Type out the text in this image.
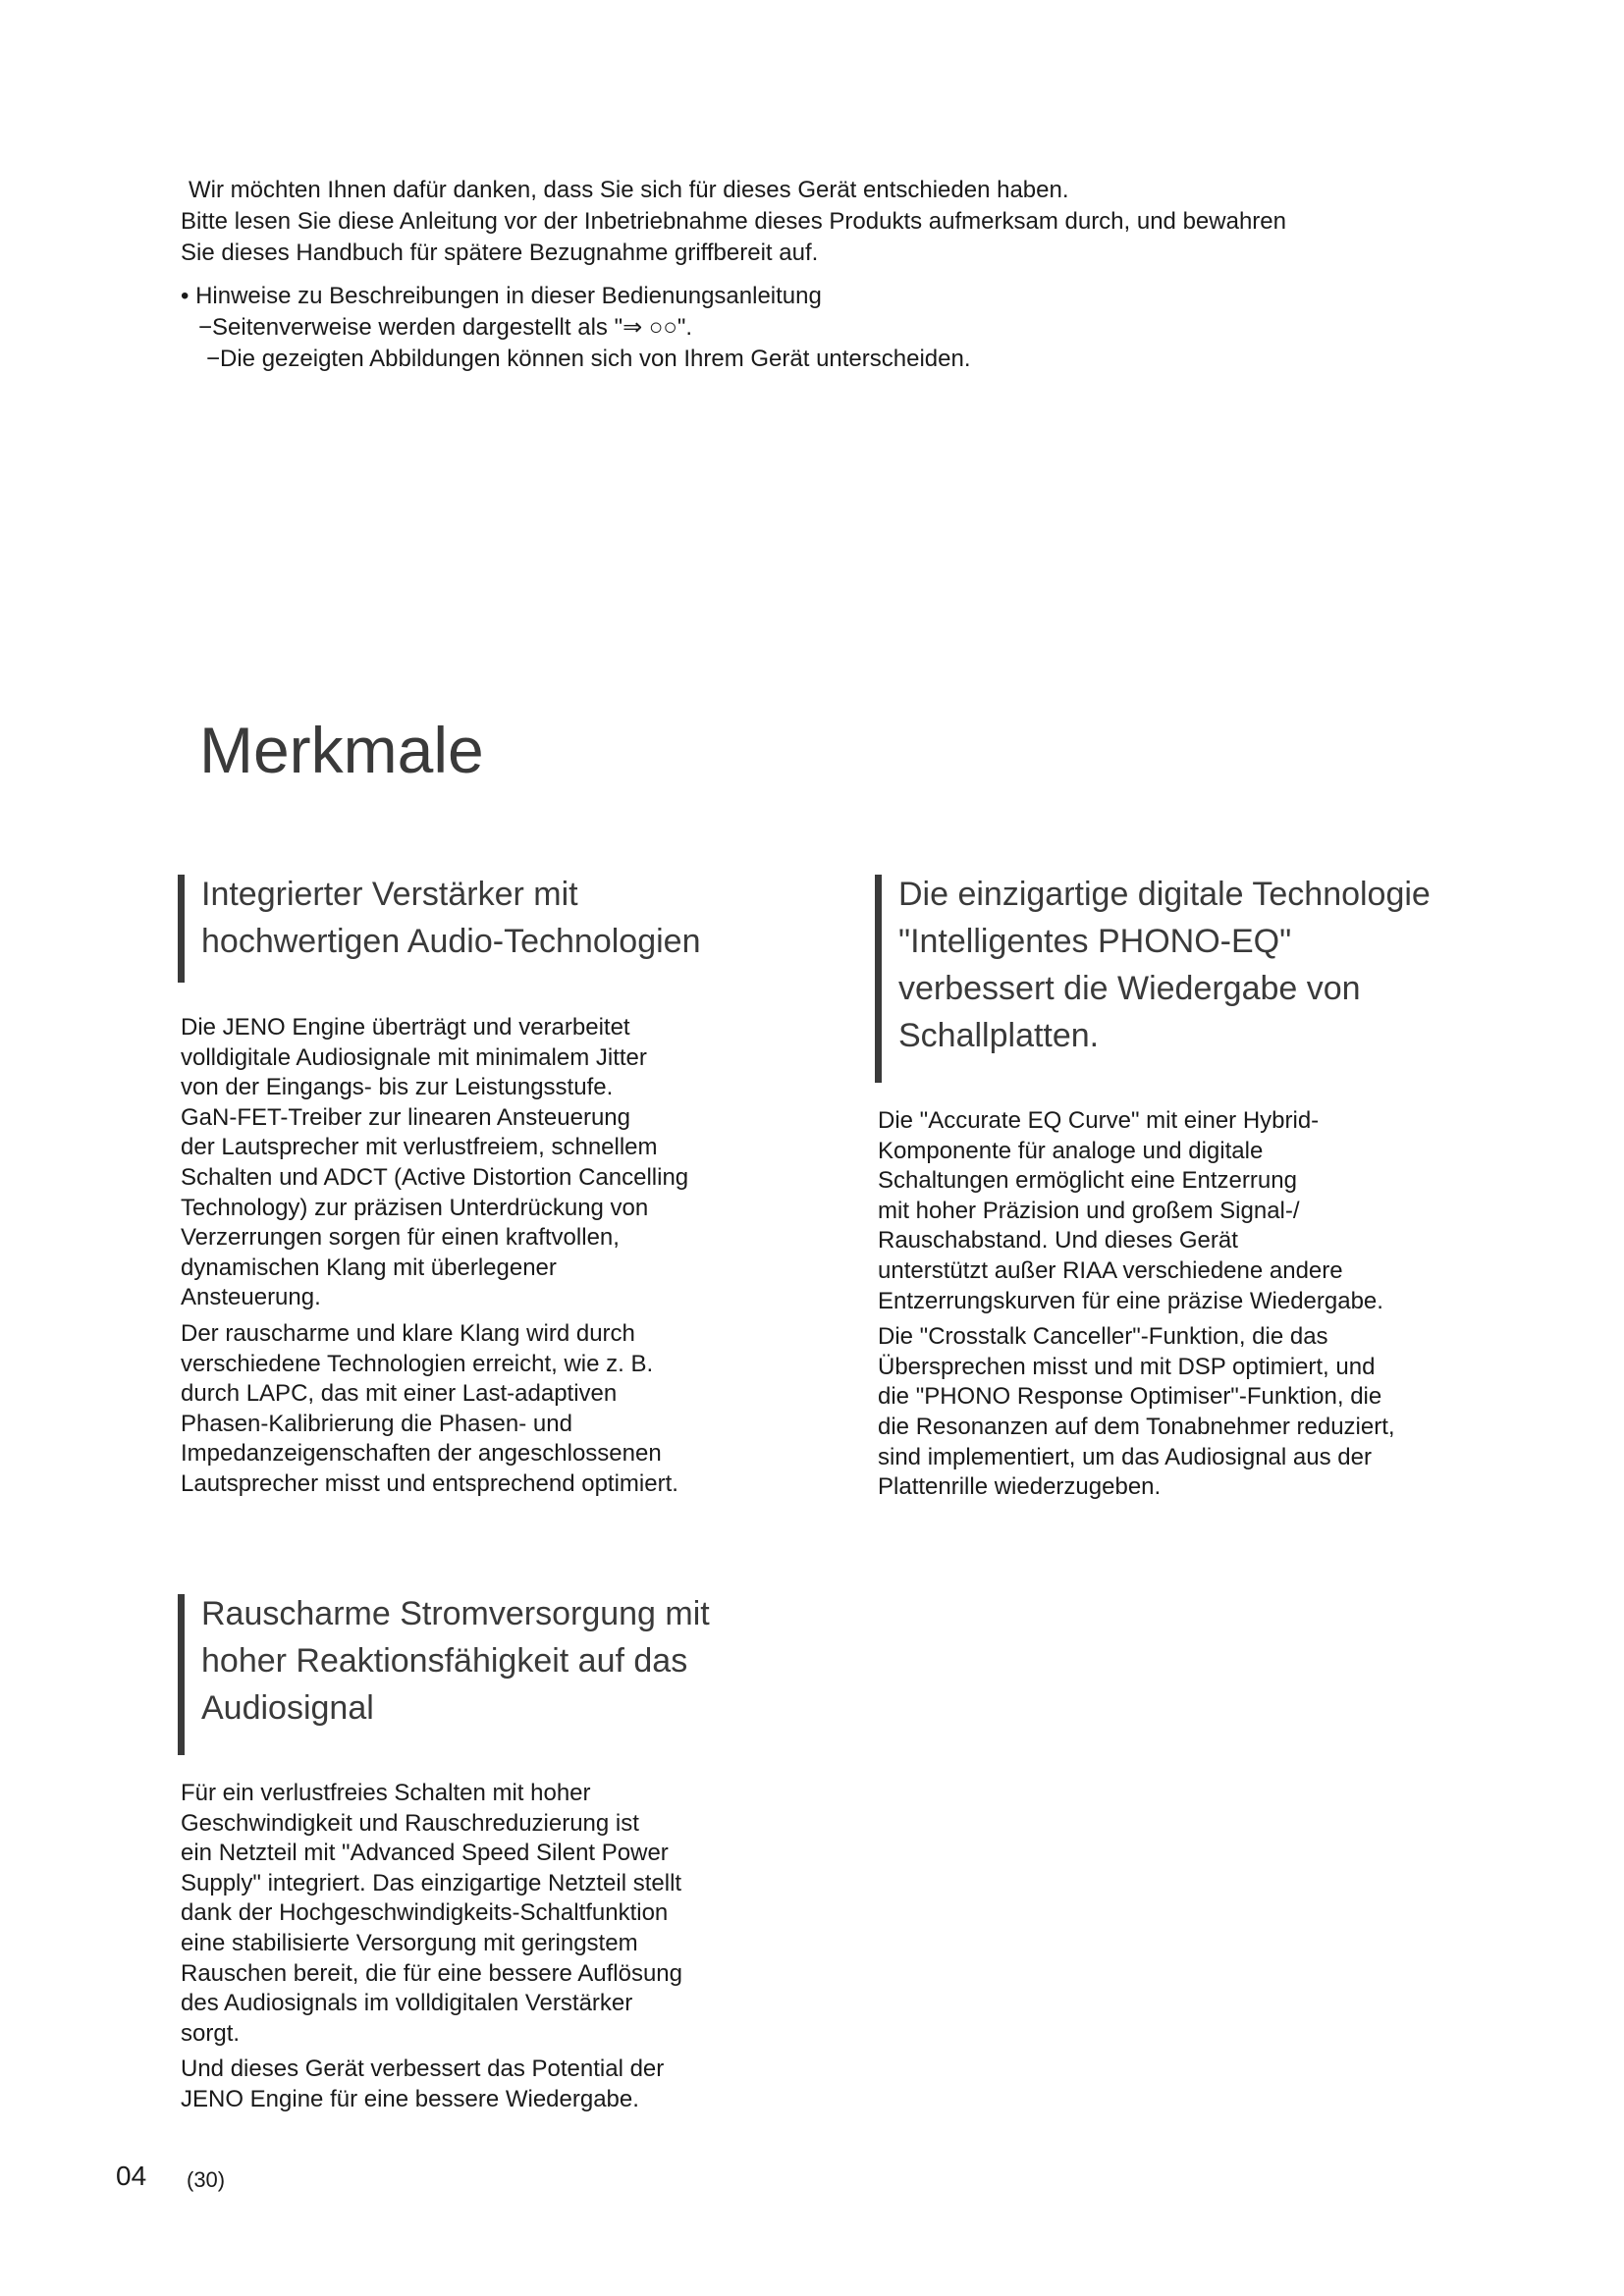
Wir möchten Ihnen dafür danken, dass Sie sich für dieses Gerät entschieden haben.

Bitte lesen Sie diese Anleitung vor der Inbetriebnahme dieses Produkts aufmerksam durch, und bewahren

Sie dieses Handbuch für spätere Bezugnahme griffbereit auf.

• Hinweise zu Beschreibungen in dieser Bedienungsanleitung

−Seitenverweise werden dargestellt als "⇒ ○○".

−Die gezeigten Abbildungen können sich von Ihrem Gerät unterscheiden.

Merkmale
Integrierter Verstärker mit
hochwertigen Audio-Technologien

Die JENO Engine überträgt und verarbeitet

volldigitale Audiosignale mit minimalem Jitter

von der Eingangs- bis zur Leistungsstufe.

GaN-FET-Treiber zur linearen Ansteuerung

der Lautsprecher mit verlustfreiem, schnellem

Schalten und ADCT (Active Distortion Cancelling

Technology) zur präzisen Unterdrückung von

Verzerrungen sorgen für einen kraftvollen,

dynamischen Klang mit überlegener

Ansteuerung.

Der rauscharme und klare Klang wird durch

verschiedene Technologien erreicht, wie z. B.

durch LAPC, das mit einer Last-adaptiven

Phasen-Kalibrierung die Phasen- und

Impedanzeigenschaften der angeschlossenen

Lautsprecher misst und entsprechend optimiert.

Die einzigartige digitale Technologie
"Intelligentes PHONO-EQ"
verbessert die Wiedergabe von
Schallplatten.

Die "Accurate EQ Curve" mit einer Hybrid-

Komponente für analoge und digitale

Schaltungen ermöglicht eine Entzerrung

mit hoher Präzision und großem Signal-/

Rauschabstand. Und dieses Gerät

unterstützt außer RIAA verschiedene andere

Entzerrungskurven für eine präzise Wiedergabe.

Die "Crosstalk Canceller"-Funktion, die das

Übersprechen misst und mit DSP optimiert, und

die "PHONO Response Optimiser"-Funktion, die

die Resonanzen auf dem Tonabnehmer reduziert,

sind implementiert, um das Audiosignal aus der

Plattenrille wiederzugeben.

Rauscharme Stromversorgung mit
hoher Reaktionsfähigkeit auf das
Audiosignal

Für ein verlustfreies Schalten mit hoher

Geschwindigkeit und Rauschreduzierung ist

ein Netzteil mit "Advanced Speed Silent Power

Supply" integriert. Das einzigartige Netzteil stellt

dank der Hochgeschwindigkeits-Schaltfunktion

eine stabilisierte Versorgung mit geringstem

Rauschen bereit, die für eine bessere Auflösung

des Audiosignals im volldigitalen Verstärker

sorgt.

Und dieses Gerät verbessert das Potential der

JENO Engine für eine bessere Wiedergabe.

04 (30)
